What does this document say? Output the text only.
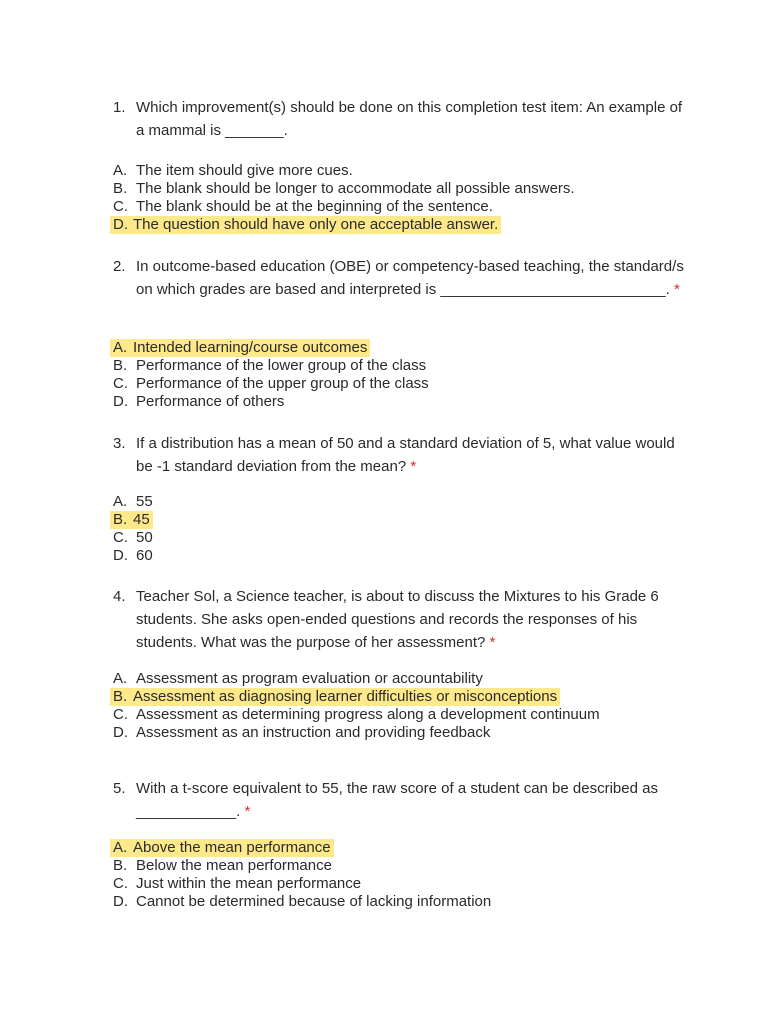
1. Which improvement(s) should be done on this completion test item: An example of a mammal is _______.
A. The item should give more cues.
B. The blank should be longer to accommodate all possible answers.
C. The blank should be at the beginning of the sentence.
D. The question should have only one acceptable answer.
2. In outcome-based education (OBE) or competency-based teaching, the standard/s on which grades are based and interpreted is ___________________________. *
A. Intended learning/course outcomes
B. Performance of the lower group of the class
C. Performance of the upper group of the class
D. Performance of others
3. If a distribution has a mean of 50 and a standard deviation of 5, what value would be -1 standard deviation from the mean? *
A. 55
B. 45
C. 50
D. 60
4. Teacher Sol, a Science teacher, is about to discuss the Mixtures to his Grade 6 students. She asks open-ended questions and records the responses of his students. What was the purpose of her assessment? *
A. Assessment as program evaluation or accountability
B. Assessment as diagnosing learner difficulties or misconceptions
C. Assessment as determining progress along a development continuum
D. Assessment as an instruction and providing feedback
5. With a t-score equivalent to 55, the raw score of a student can be described as ____________. *
A. Above the mean performance
B. Below the mean performance
C. Just within the mean performance
D. Cannot be determined because of lacking information
